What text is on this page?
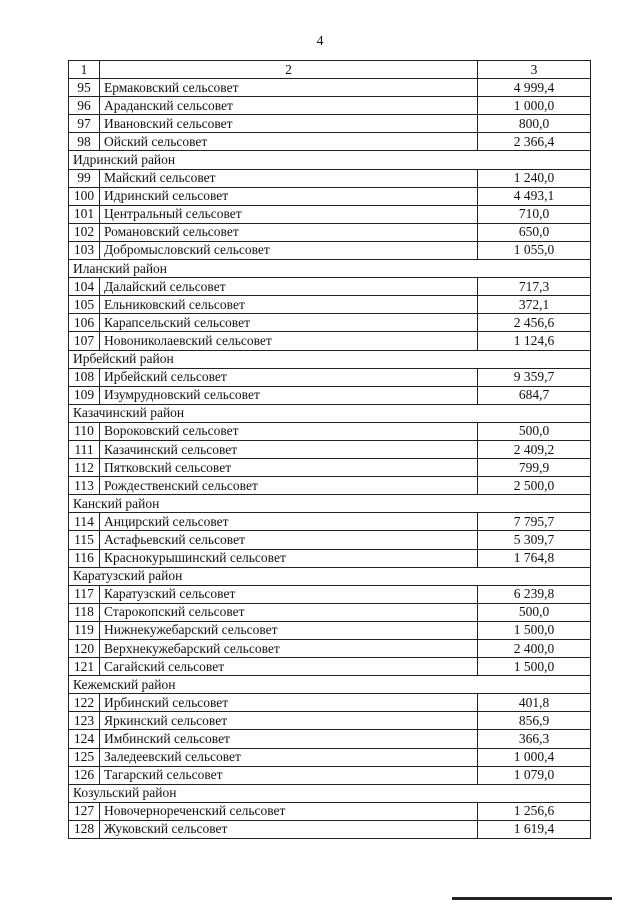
4
1	2	3
95	Ермаковский сельсовет	4 999,4
96	Араданский сельсовет	1 000,0
97	Ивановский сельсовет	800,0
98	Ойский сельсовет	2 366,4
Идринский район		
99	Майский сельсовет	1 240,0
100	Идринский сельсовет	4 493,1
101	Центральный сельсовет	710,0
102	Романовский сельсовет	650,0
103	Добромысловский сельсовет	1 055,0
Иланский район		
104	Далайский сельсовет	717,3
105	Ельниковский сельсовет	372,1
106	Карапсельский сельсовет	2 456,6
107	Новониколаевский сельсовет	1 124,6
Ирбейский район		
108	Ирбейский сельсовет	9 359,7
109	Изумрудновский сельсовет	684,7
Казачинский район		
110	Вороковский сельсовет	500,0
111	Казачинский сельсовет	2 409,2
112	Пятковский сельсовет	799,9
113	Рождественский сельсовет	2 500,0
Канский район		
114	Анцирский сельсовет	7 795,7
115	Астафьевский сельсовет	5 309,7
116	Краснокурышинский сельсовет	1 764,8
Каратузский район		
117	Каратузский сельсовет	6 239,8
118	Старокопский сельсовет	500,0
119	Нижнекужебарский сельсовет	1 500,0
120	Верхнекужебарский сельсовет	2 400,0
121	Сагайский сельсовет	1 500,0
Кежемский район		
122	Ирбинский сельсовет	401,8
123	Яркинский сельсовет	856,9
124	Имбинский сельсовет	366,3
125	Заледеевский сельсовет	1 000,4
126	Тагарский сельсовет	1 079,0
Козульский район		
127	Новочернореченский сельсовет	1 256,6
128	Жуковский сельсовет	1 619,4
